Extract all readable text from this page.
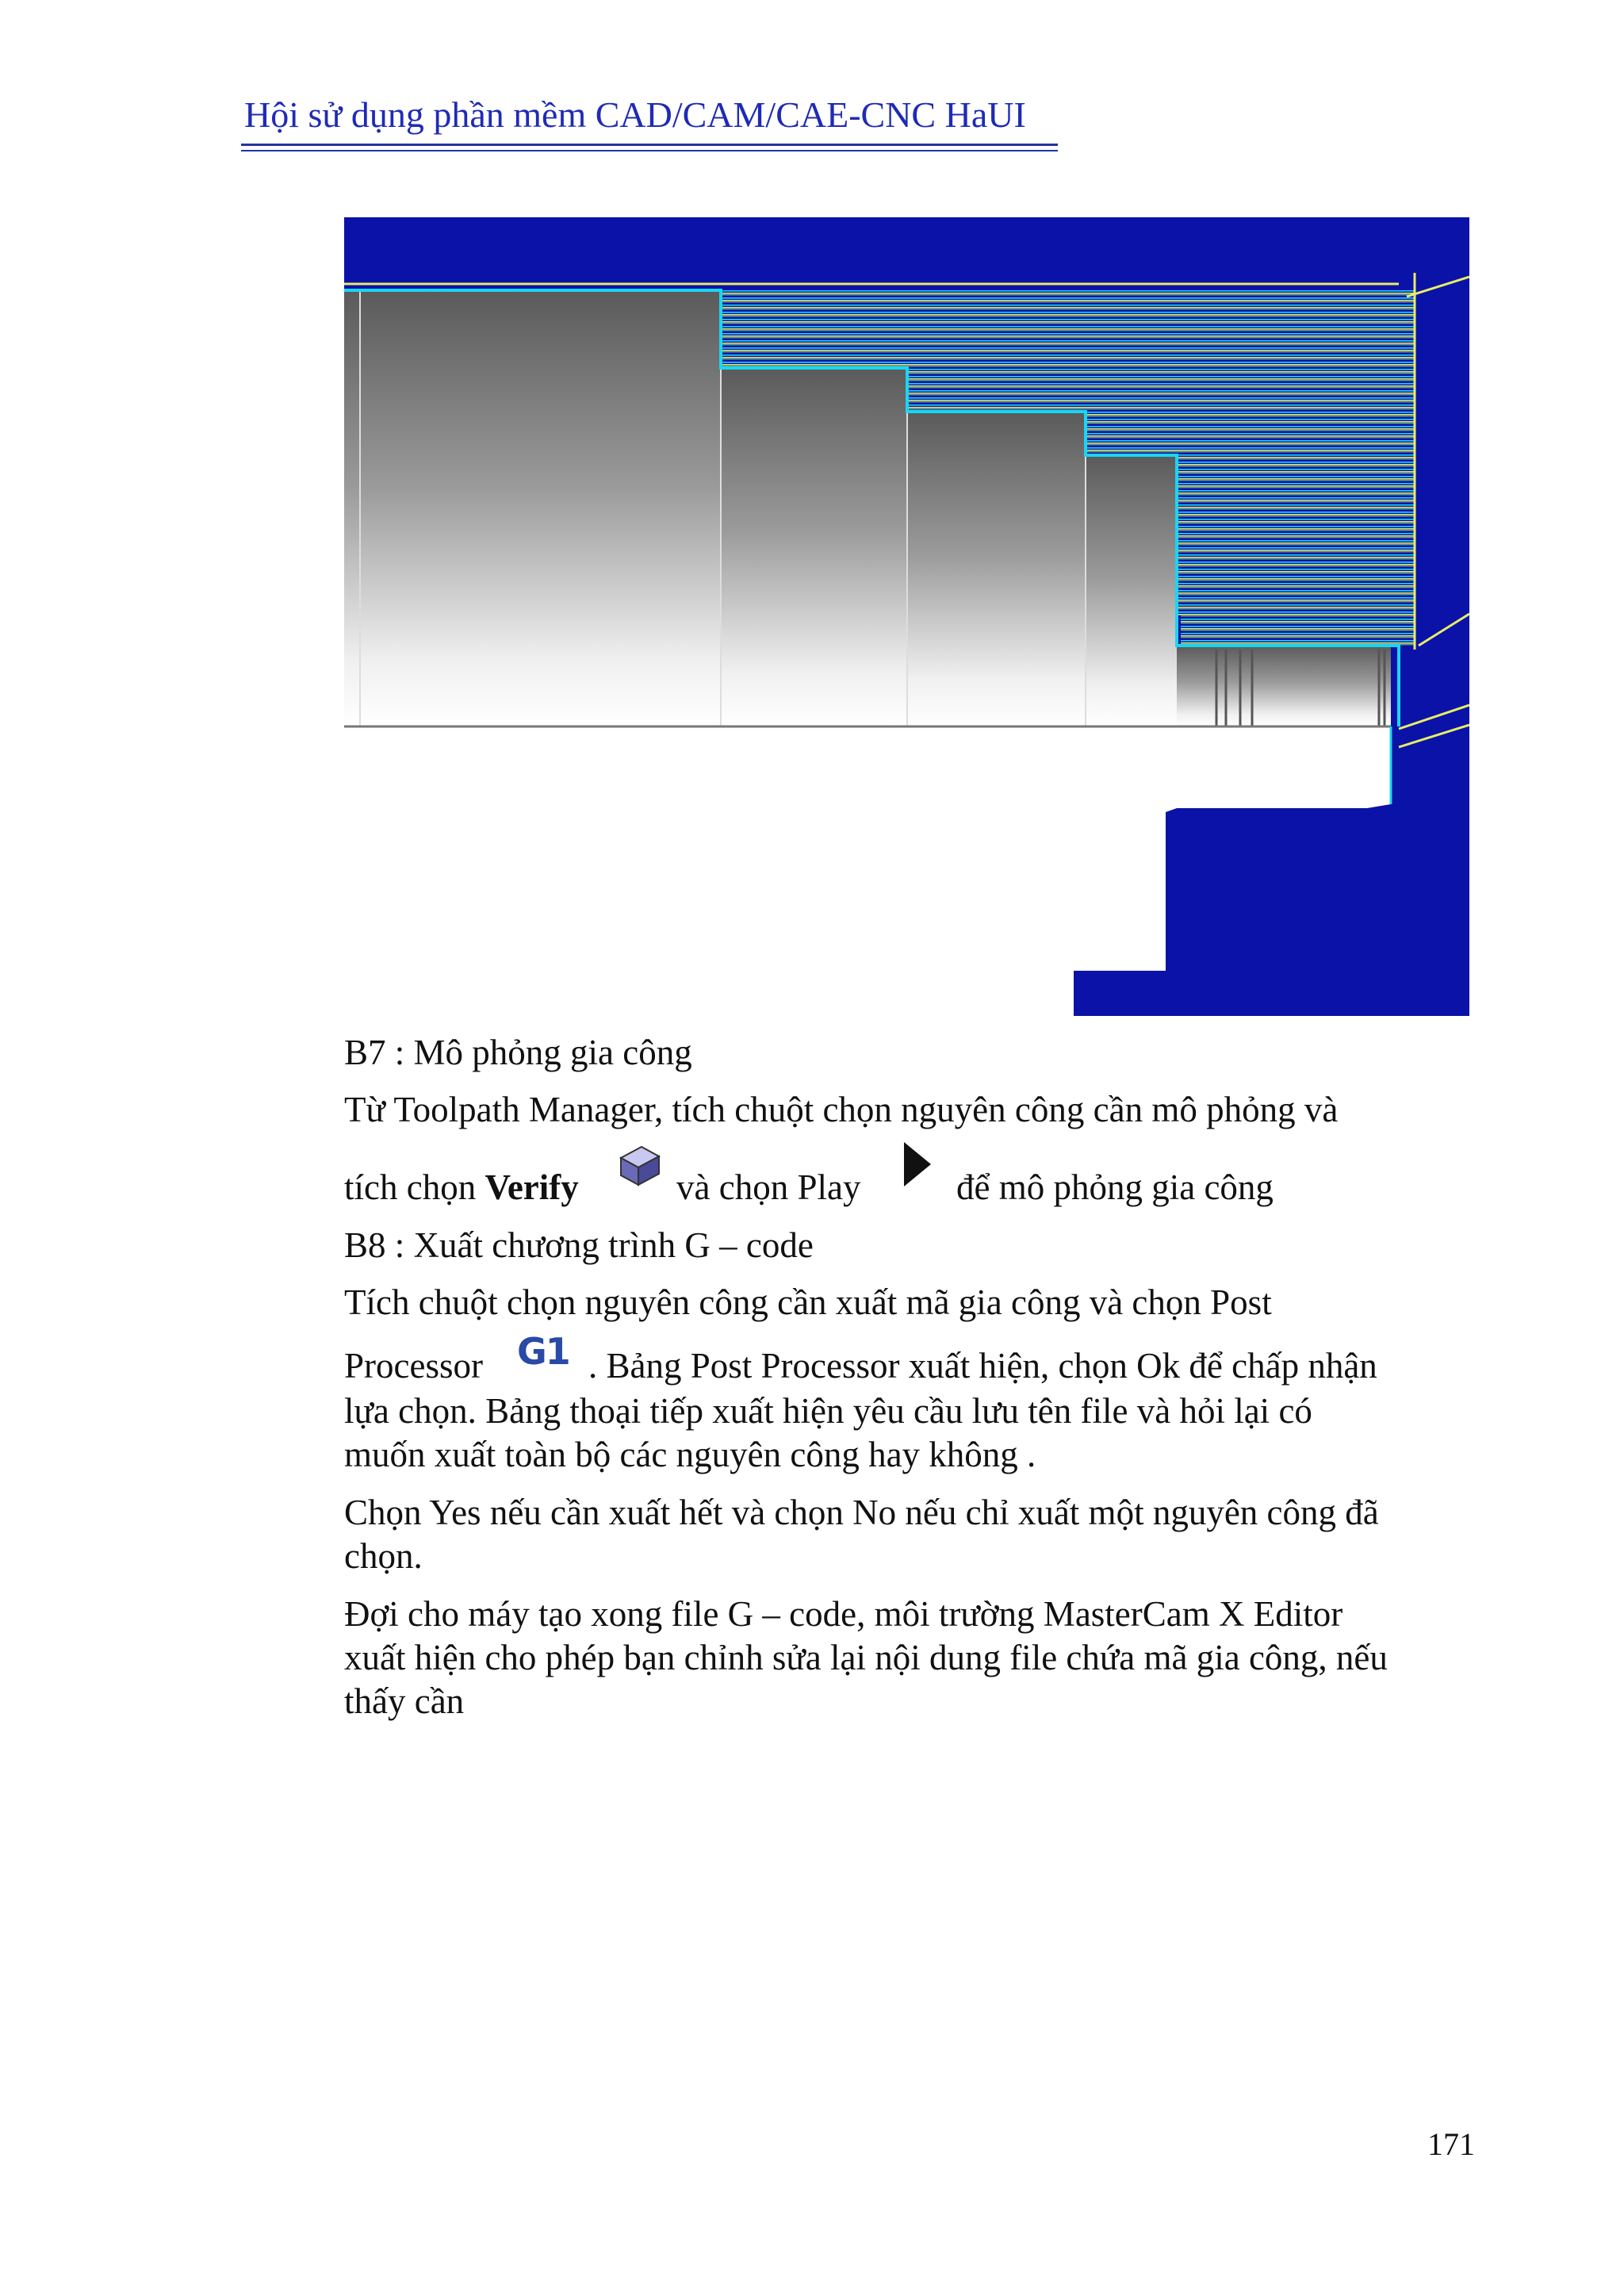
Hội sử dụng phần mềm CAD/CAM/CAE-CNC HaUI
B7 : Mô phỏng gia công
Từ Toolpath Manager, tích chuột chọn nguyên công cần mô phỏng và
tích chọn Verify	và chọn Play	để mô phỏng gia công
B8 : Xuất chương trình G – code
Tích chuột chọn nguyên công cần xuất mã gia công và chọn Post
Processor G1 . Bảng Post Processor xuất hiện, chọn Ok để chấp nhận
lựa chọn. Bảng thoại tiếp xuất hiện yêu cầu lưu tên file và hỏi lại có
muốn xuất toàn bộ các nguyên công hay không .
Chọn Yes nếu cần xuất hết và chọn No nếu chỉ xuất một nguyên công đã
chọn.
Đợi cho máy tạo xong file G – code, môi trường MasterCam X Editor
xuất hiện cho phép bạn chỉnh sửa lại nội dung file chứa mã gia công, nếu
thấy cần
171
